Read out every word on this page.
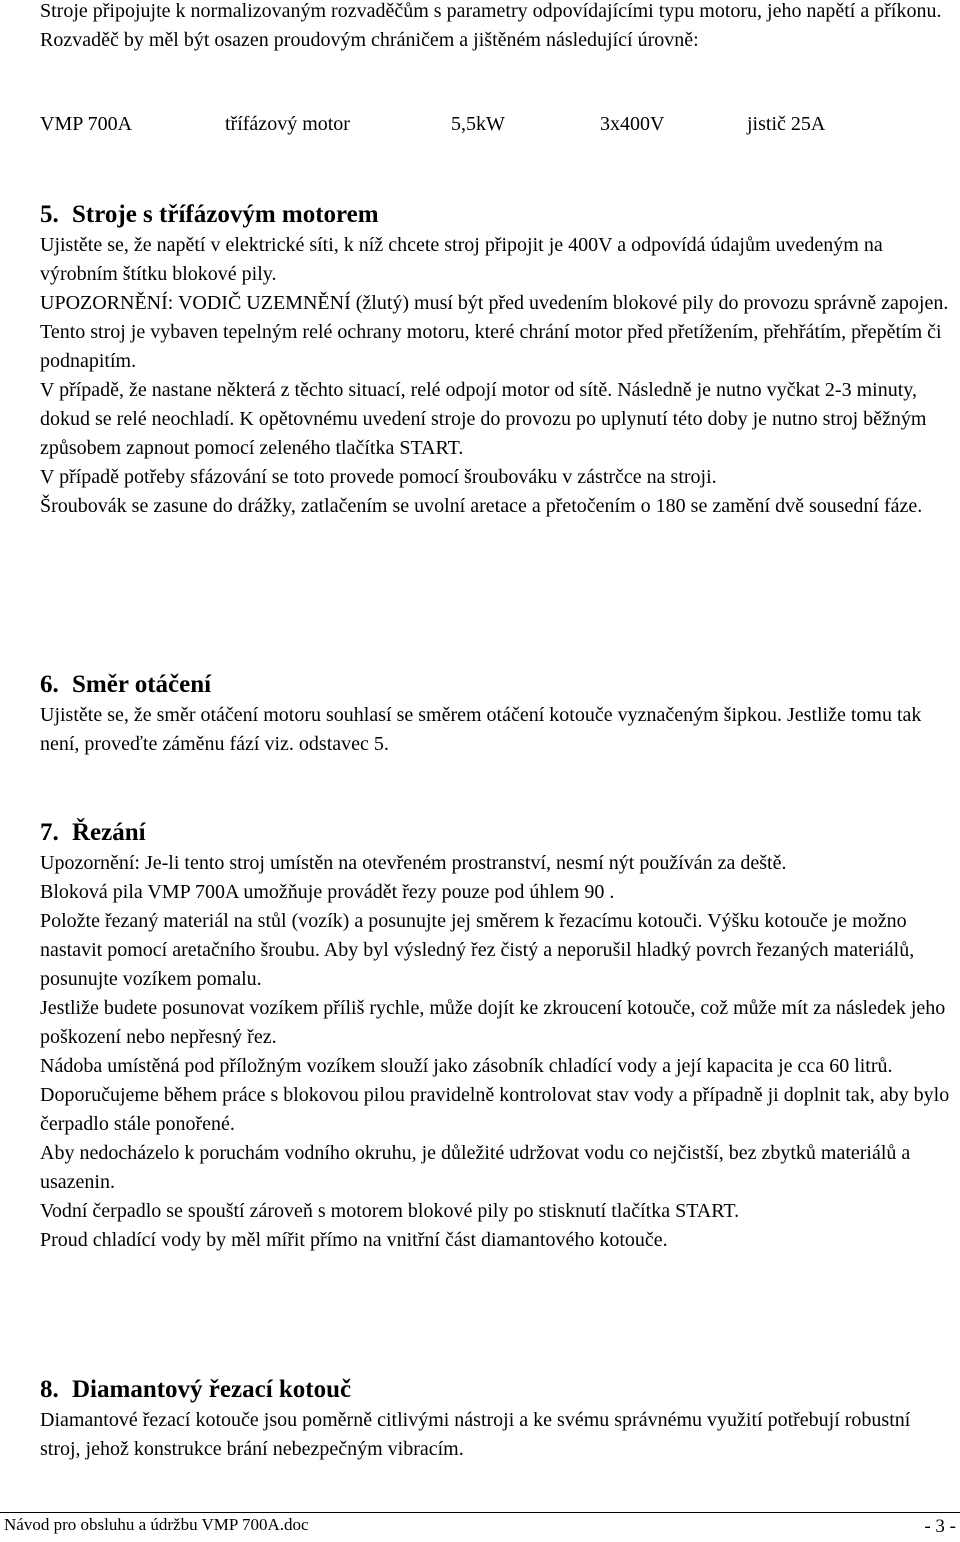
Stroje připojujte k normalizovaným rozvaděčům s parametry odpovídajícími typu motoru, jeho napětí a příkonu. Rozvaděč by měl být osazen proudovým chráničem a jištěném následující úrovně:

VMP 700A	třífázový motor	5,5kW	3x400V	jistič 25A
5. Stroje s třífázovým motorem

Ujistěte se, že napětí v elektrické síti, k níž chcete stroj připojit je 400V a odpovídá údajům uvedeným na výrobním štítku blokové pily.

UPOZORNĚNÍ: VODIČ UZEMNĚNÍ (žlutý) musí být před uvedením blokové pily do provozu správně zapojen.

Tento stroj je vybaven tepelným relé ochrany motoru, které chrání motor před přetížením, přehřátím, přepětím či podnapitím.

V případě, že nastane některá z těchto situací, relé odpojí motor od sítě. Následně je nutno vyčkat 2-3 minuty, dokud se relé neochladí. K opětovnému uvedení stroje do provozu po uplynutí této doby je nutno stroj běžným způsobem zapnout pomocí zeleného tlačítka START.

V případě potřeby sfázování se toto provede pomocí šroubováku v zástrčce na stroji.

Šroubovák se zasune do drážky, zatlačením se uvolní aretace a přetočením o 180 se zamění dvě sousední fáze.

6. Směr otáčení

Ujistěte se, že směr otáčení motoru souhlasí se směrem otáčení kotouče vyznačeným šipkou. Jestliže tomu tak není, proveďte záměnu fází viz. odstavec 5.

7. Řezání

Upozornění: Je-li tento stroj umístěn na otevřeném prostranství, nesmí nýt používán za deště.

Bloková pila VMP 700A umožňuje provádět řezy pouze pod úhlem 90 .

Položte řezaný materiál na stůl (vozík) a posunujte jej směrem k řezacímu kotouči. Výšku kotouče je možno nastavit pomocí aretačního šroubu. Aby byl výsledný řez čistý a neporušil hladký povrch řezaných materiálů, posunujte vozíkem pomalu.

Jestliže budete posunovat vozíkem příliš rychle, může dojít ke zkroucení kotouče, což může mít za následek jeho poškození nebo nepřesný řez.

Nádoba umístěná pod příložným vozíkem slouží jako zásobník chladící vody a její kapacita je cca 60 litrů. Doporučujeme během práce s blokovou pilou pravidelně kontrolovat stav vody a případně ji doplnit tak, aby bylo čerpadlo stále ponořené.

Aby nedocházelo k poruchám vodního okruhu, je důležité udržovat vodu co nejčistší, bez zbytků materiálů a usazenin.

Vodní čerpadlo se spouští zároveň s motorem blokové pily po stisknutí tlačítka START.

Proud chladící vody by měl mířit přímo na vnitřní část diamantového kotouče.

8. Diamantový řezací kotouč

Diamantové řezací kotouče jsou poměrně citlivými nástroji a ke svému správnému využití potřebují robustní stroj, jehož konstrukce brání nebezpečným vibracím.

Návod pro obsluhu a údržbu VMP 700A.doc	- 3 -
